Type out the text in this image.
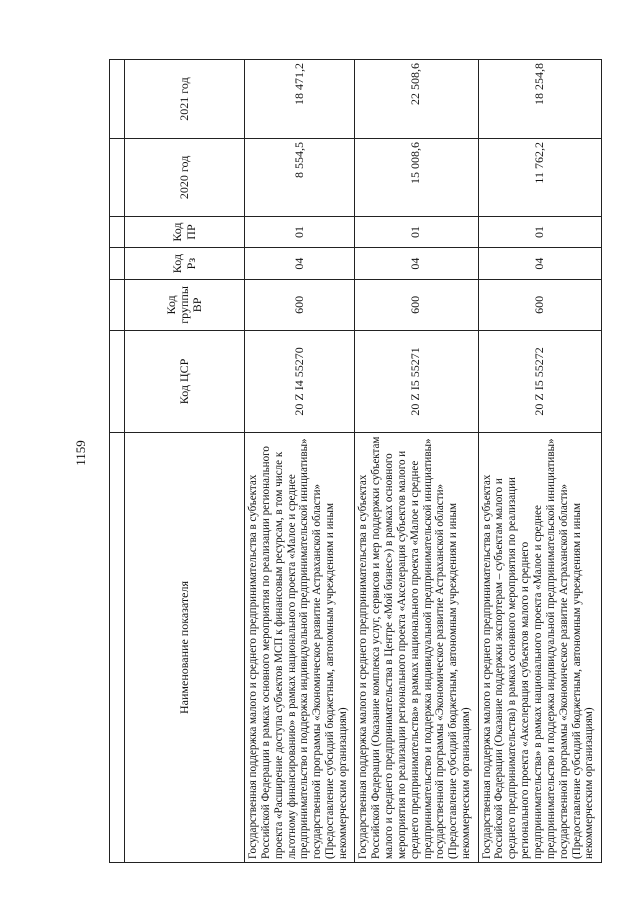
1159

Наименование показателя	Код ЦСР	Код группы ВР	Код Рз	Код ПР	2020 год	2021 год
Государственная поддержка малого и среднего предпринимательства в субъектах Российской Федерации в рамках основного мероприятия по реализации регионального проекта «Расширение доступа субъектов МСП к финансовым ресурсам, в том числе к льготному финансированию» в рамках национального проекта «Малое и среднее предпринимательство и поддержка индивидуальной предпринимательской инициативы» государственной программы «Экономическое развитие Астраханской области» (Предоставление субсидий бюджетным, автономным учреждениям и иным некоммерческим организациям)	20 Z I4 55270	600	04	01	8 554,5	18 471,2
Государственная поддержка малого и среднего предпринимательства в субъектах Российской Федерации (Оказание комплекса услуг, сервисов и мер поддержки субъектам малого и среднего предпринимательства в Центре «Мой бизнес») в рамках основного мероприятия по реализации регионального проекта «Акселерация субъектов малого и среднего предпринимательства» в рамках национального проекта «Малое и среднее предпринимательство и поддержка индивидуальной предпринимательской инициативы» государственной программы «Экономическое развитие Астраханской области» (Предоставление субсидий бюджетным, автономным учреждениям и иным некоммерческим организациям)	20 Z I5 55271	600	04	01	15 008,6	22 508,6
Государственная поддержка малого и среднего предпринимательства в субъектах Российской Федерации (Оказание поддержки экспортерам – субъектам малого и среднего предпринимательства) в рамках основного мероприятия по реализации регионального проекта «Акселерация субъектов малого и среднего предпринимательства» в рамках национального проекта «Малое и среднее предпринимательство и поддержка индивидуальной предпринимательской инициативы» государственной программы «Экономическое развитие Астраханской области» (Предоставление субсидий бюджетным, автономным учреждениям и иным некоммерческим организациям)	20 Z I5 55272	600	04	01	11 762,2	18 254,8
